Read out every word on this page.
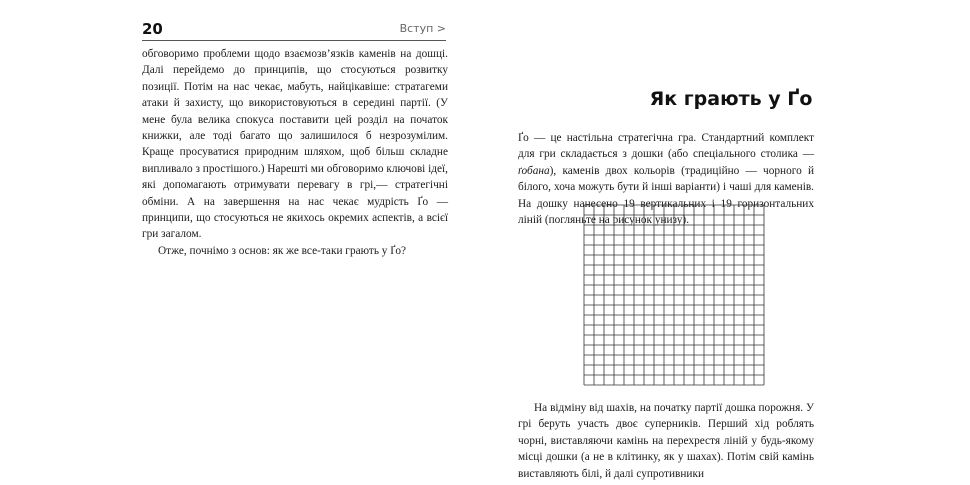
20	Вступ >

обговоримо проблеми щодо взаємозв’язків каменів на дошці. Далі перейдемо до принципів, що стосуються розвитку позиції. Потім на нас чекає, мабуть, найцікавіше: стратагеми атаки й захисту, що використовуються в середині партії. (У мене була велика спокуса поставити цей розділ на початок книжки, але тоді багато що залишилося б незрозумілим. Краще просуватися природним шляхом, щоб більш складне випливало з простішого.) Нарешті ми обговоримо ключові ідеї, які допомагають отримувати перевагу в грі,— стратегічні обміни. А на завершення на нас чекає мудрість Ґо — принципи, що стосуються не якихось окремих аспектів, а всієї гри загалом.

Отже, почнімо з основ: як же все-таки грають у Ґо?

Як грають у Ґо

Ґо — це настільна стратегічна гра. Стандартний комплект для гри складається з дошки (або спеціального столика — ґобана), каменів двох кольорів (традиційно — чорного й білого, хоча можуть бути й інші варіанти) і чаші для каменів. На дошку нанесено 19 вертикальних і 19 горизонтальних ліній (погляньте на рисунок унизу).

На відміну від шахів, на початку партії дошка порожня. У грі беруть участь двоє суперників. Перший хід роблять чорні, виставляючи камінь на перехрестя ліній у будь-якому місці дошки (а не в клітинку, як у шахах). Потім свій камінь виставляють білі, й далі супротивники
